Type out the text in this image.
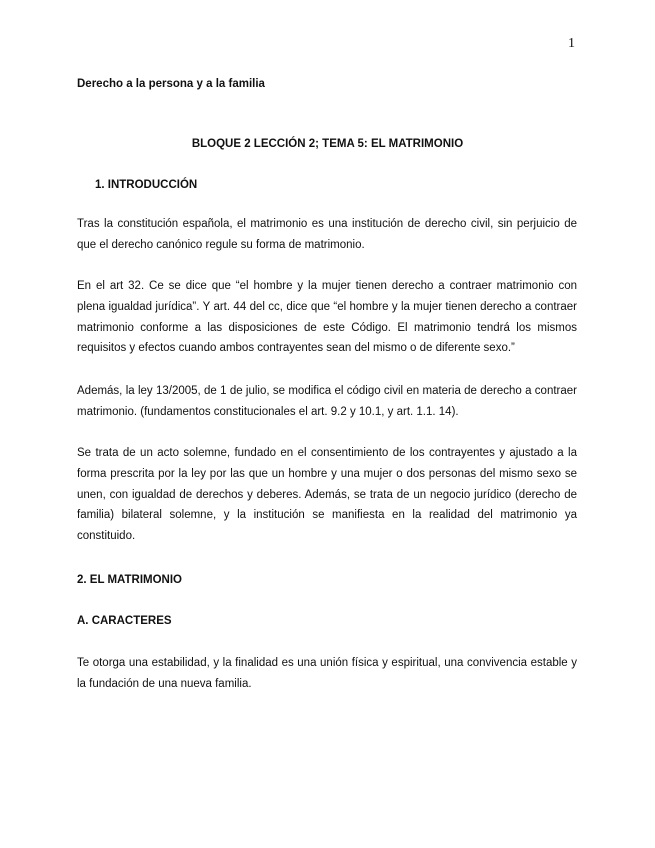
1
Derecho a la persona y a la familia
BLOQUE 2 LECCIÓN 2; TEMA 5: EL MATRIMONIO
1. INTRODUCCIÓN

Tras la constitución española, el matrimonio es una institución de derecho civil, sin perjuicio de que el derecho canónico regule su forma de matrimonio.

En el art 32. Ce se dice que “el hombre y la mujer tienen derecho a contraer matrimonio con plena igualdad jurídica”. Y art. 44 del cc, dice que “el hombre y la mujer tienen derecho a contraer matrimonio conforme a las disposiciones de este Código. El matrimonio tendrá los mismos requisitos y efectos cuando ambos contrayentes sean del mismo o de diferente sexo.”

Además, la ley 13/2005, de 1 de julio, se modifica el código civil en materia de derecho a contraer matrimonio. (fundamentos constitucionales el art. 9.2 y 10.1, y art. 1.1. 14).

Se trata de un acto solemne, fundado en el consentimiento de los contrayentes y ajustado a la forma prescrita por la ley por las que un hombre y una mujer o dos personas del mismo sexo se unen, con igualdad de derechos y deberes. Además, se trata de un negocio jurídico (derecho de familia) bilateral solemne, y la institución se manifiesta en la realidad del matrimonio ya constituido.

2. EL MATRIMONIO
A. CARACTERES

Te otorga una estabilidad, y la finalidad es una unión física y espiritual, una convivencia estable y la fundación de una nueva familia.
